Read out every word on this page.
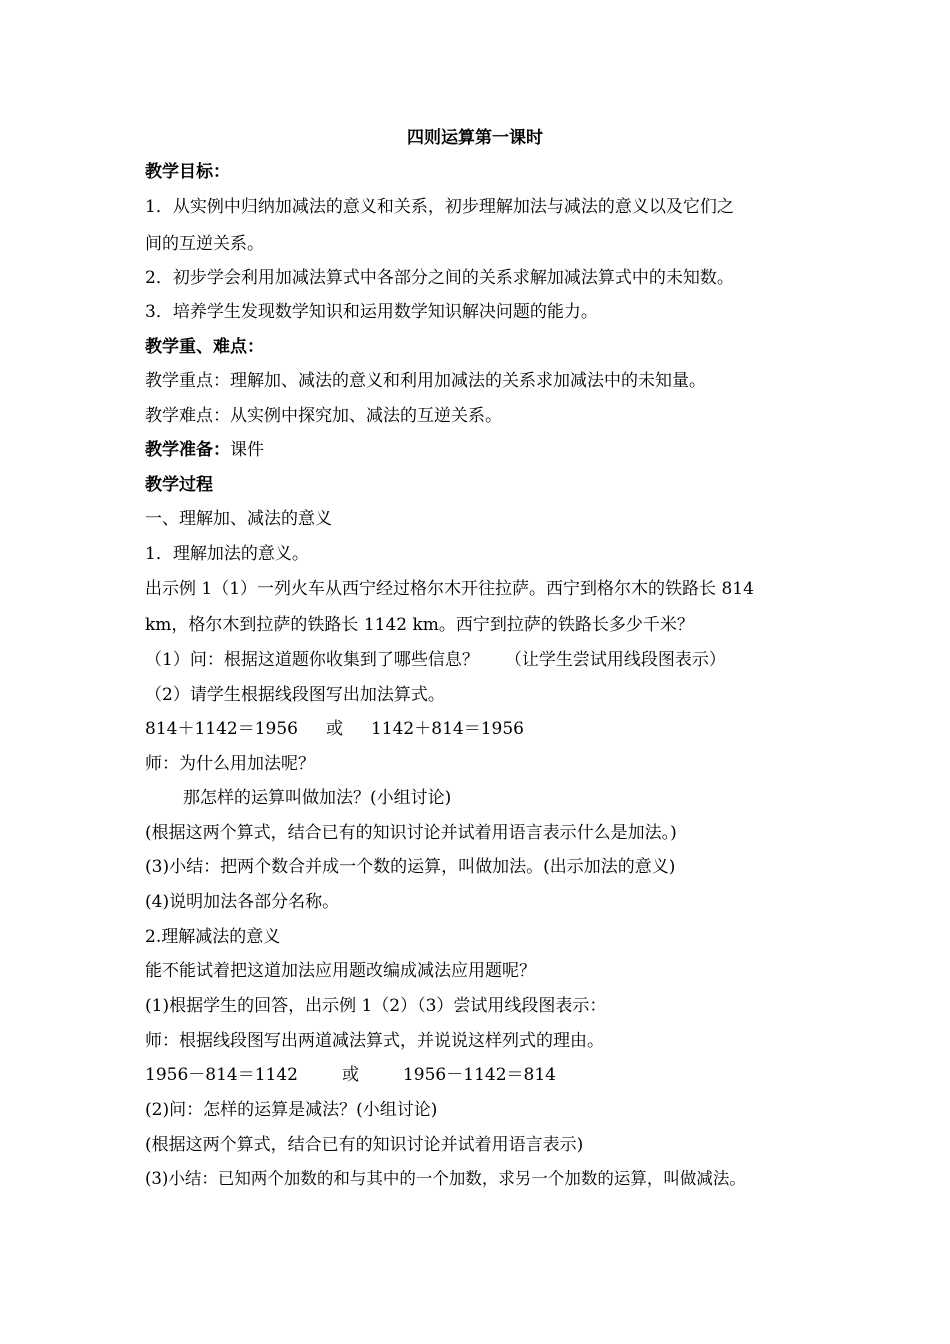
四则运算第一课时
教学目标：
1．从实例中归纳加减法的意义和关系，初步理解加法与减法的意义以及它们之
间的互逆关系。
2．初步学会利用加减法算式中各部分之间的关系求解加减法算式中的未知数。
3．培养学生发现数学知识和运用数学知识解决问题的能力。
教学重、难点：
教学重点：理解加、减法的意义和利用加减法的关系求加减法中的未知量。
教学难点：从实例中探究加、减法的互逆关系。
教学准备：课件
教学过程
一、理解加、减法的意义
1．理解加法的意义。
出示例 1（1）一列火车从西宁经过格尔木开往拉萨。西宁到格尔木的铁路长 814
km，格尔木到拉萨的铁路长 1142 km。西宁到拉萨的铁路长多少千米？
（1）问：根据这道题你收集到了哪些信息？ （让学生尝试用线段图表示）
（2）请学生根据线段图写出加法算式。
814＋1142＝1956 或 1142＋814＝1956
师：为什么用加法呢？
那怎样的运算叫做加法？(小组讨论)
(根据这两个算式，结合已有的知识讨论并试着用语言表示什么是加法。)
(3)小结：把两个数合并成一个数的运算，叫做加法。(出示加法的意义)
(4)说明加法各部分名称。
2.理解减法的意义
能不能试着把这道加法应用题改编成减法应用题呢？
(1)根据学生的回答，出示例 1（2）（3）尝试用线段图表示：
师：根据线段图写出两道减法算式，并说说这样列式的理由。
1956－814＝1142	或	1956－1142＝814
(2)问：怎样的运算是减法？(小组讨论)
(根据这两个算式，结合已有的知识讨论并试着用语言表示)
(3)小结：已知两个加数的和与其中的一个加数，求另一个加数的运算，叫做减法。
